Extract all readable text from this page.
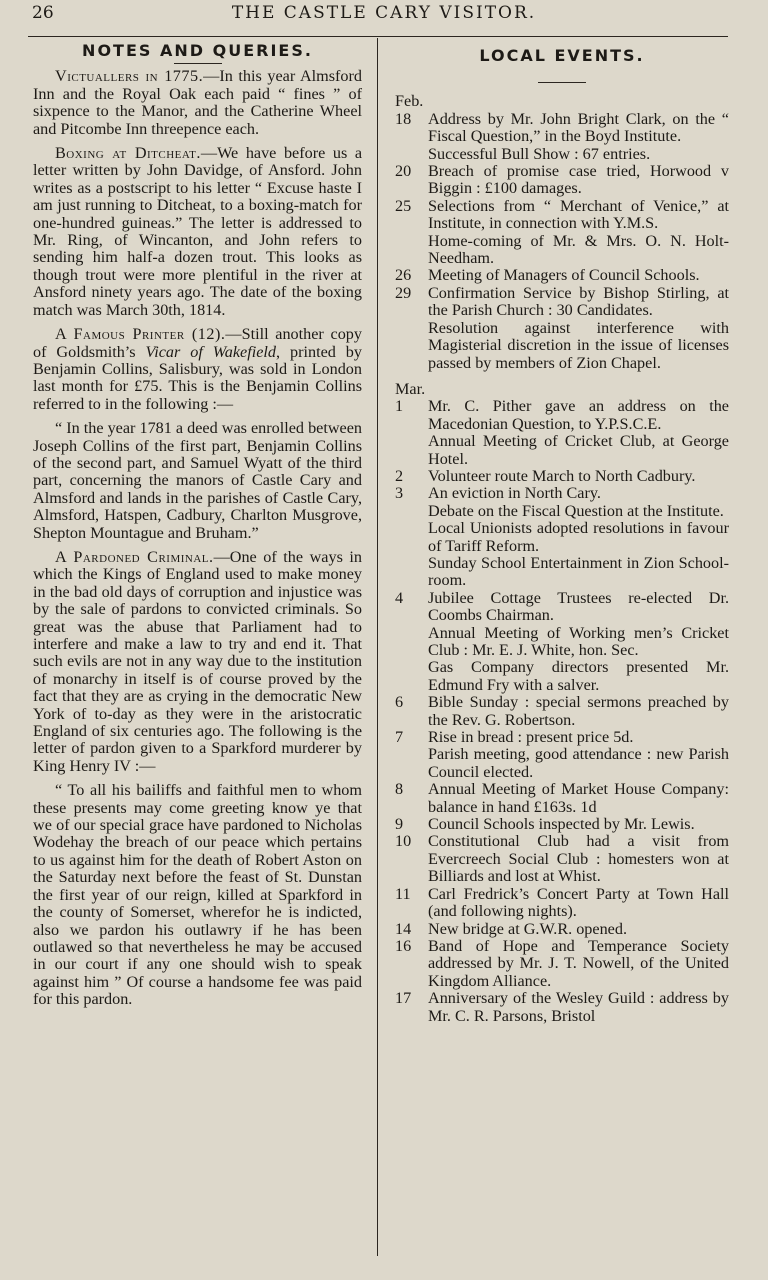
26	THE CASTLE CARY VISITOR.
NOTES AND QUERIES.

Victuallers in 1775.—In this year Almsford Inn and the Royal Oak each paid “ fines ” of sixpence to the Manor, and the Catherine Wheel and Pitcombe Inn threepence each.

Boxing at Ditcheat.—We have before us a letter written by John Davidge, of Ansford. John writes as a postscript to his letter “ Excuse haste I am just running to Ditcheat, to a boxing-match for one-hundred guineas.” The letter is addressed to Mr. Ring, of Wincanton, and John refers to sending him half-a dozen trout. This looks as though trout were more plentiful in the river at Ansford ninety years ago. The date of the boxing match was March 30th, 1814.

A Famous Printer (12).—Still another copy of Goldsmith’s Vicar of Wakefield, printed by Benjamin Collins, Salisbury, was sold in London last month for £75. This is the Benjamin Collins referred to in the following :—

“ In the year 1781 a deed was enrolled between Joseph Collins of the first part, Benjamin Collins of the second part, and Samuel Wyatt of the third part, concerning the manors of Castle Cary and Almsford and lands in the parishes of Castle Cary, Almsford, Hatspen, Cadbury, Charlton Musgrove, Shepton Mountague and Bruham.”

A Pardoned Criminal.—One of the ways in which the Kings of England used to make money in the bad old days of corruption and injustice was by the sale of pardons to convicted criminals. So great was the abuse that Parliament had to interfere and make a law to try and end it. That such evils are not in any way due to the institution of monarchy in itself is of course proved by the fact that they are as crying in the democratic New York of to-day as they were in the aristocratic England of six centuries ago. The following is the letter of pardon given to a Sparkford murderer by King Henry IV :—

“ To all his bailiffs and faithful men to whom these presents may come greeting know ye that we of our special grace have pardoned to Nicholas Wodehay the breach of our peace which pertains to us against him for the death of Robert Aston on the Saturday next before the feast of St. Dunstan the first year of our reign, killed at Sparkford in the county of Somerset, wherefor he is indicted, also we pardon his outlawry if he has been outlawed so that nevertheless he may be accused in our court if any one should wish to speak against him ” Of course a handsome fee was paid for this pardon.

LOCAL EVENTS.
Feb.
18	Address by Mr. John Bright Clark, on the “ Fiscal Question,” in the Boyd Institute.
Successful Bull Show : 67 entries.
20	Breach of promise case tried, Horwood v Biggin : £100 damages.
25	Selections from “ Merchant of Venice,” at Institute, in connection with Y.M.S.
Home-coming of Mr. & Mrs. O. N. Holt-Needham.
26	Meeting of Managers of Council Schools.
29	Confirmation Service by Bishop Stirling, at the Parish Church : 30 Candidates.
Resolution against interference with Magisterial discretion in the issue of licenses passed by members of Zion Chapel.
Mar.
1	Mr. C. Pither gave an address on the Macedonian Question, to Y.P.S.C.E.
Annual Meeting of Cricket Club, at George Hotel.
2	Volunteer route March to North Cadbury.
3	An eviction in North Cary.
Debate on the Fiscal Question at the Institute.
Local Unionists adopted resolutions in favour of Tariff Reform.
Sunday School Entertainment in Zion School-room.
4	Jubilee Cottage Trustees re-elected Dr. Coombs Chairman.
Annual Meeting of Working men’s Cricket Club : Mr. E. J. White, hon. Sec.
Gas Company directors presented Mr. Edmund Fry with a salver.
6	Bible Sunday : special sermons preached by the Rev. G. Robertson.
7	Rise in bread : present price 5d.
Parish meeting, good attendance : new Parish Council elected.
8	Annual Meeting of Market House Company: balance in hand £163s. 1d
9	Council Schools inspected by Mr. Lewis.
10	Constitutional Club had a visit from Evercreech Social Club : homesters won at Billiards and lost at Whist.
11	Carl Fredrick’s Concert Party at Town Hall (and following nights).
14	New bridge at G.W.R. opened.
16	Band of Hope and Temperance Society addressed by Mr. J. T. Nowell, of the United Kingdom Alliance.
17	Anniversary of the Wesley Guild : address by Mr. C. R. Parsons, Bristol
